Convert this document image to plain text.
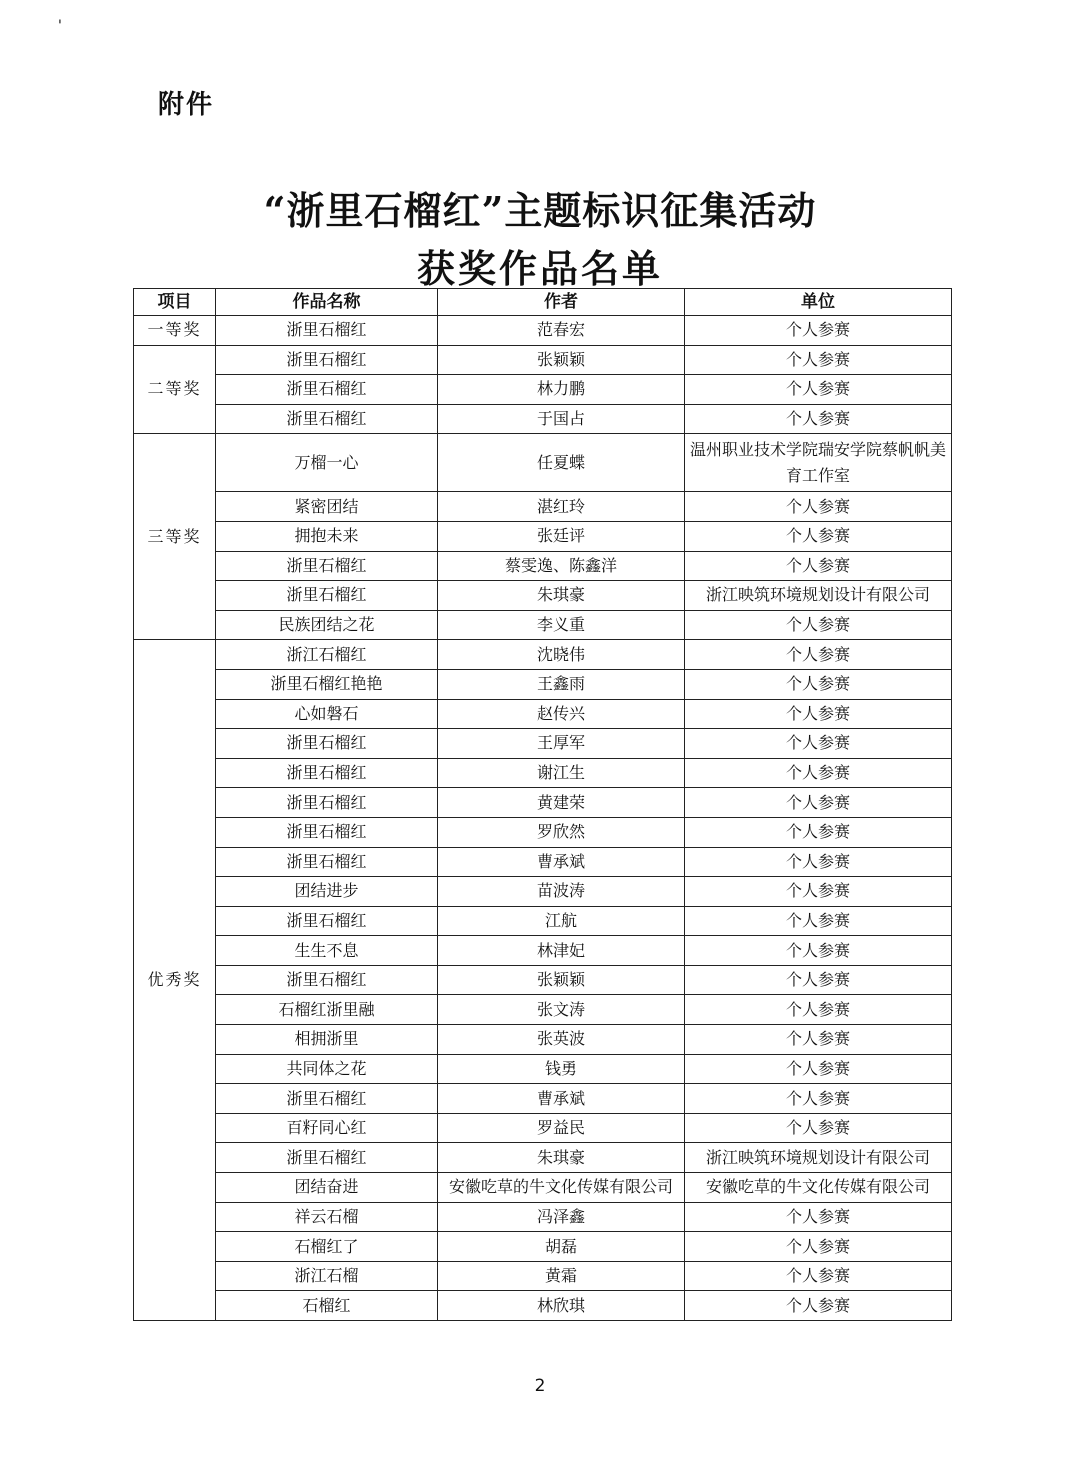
'
附件
“浙里石榴红”主题标识征集活动
获奖作品名单
项目	作品名称	作者	单位
一等奖	浙里石榴红	范春宏	个人参赛
二等奖	浙里石榴红	张颖颖	个人参赛
	浙里石榴红	林力鹏	个人参赛
	浙里石榴红	于国占	个人参赛
三等奖	万榴一心	任夏蝶	温州职业技术学院瑞安学院蔡帆帆美育工作室
	紧密团结	湛红玲	个人参赛
	拥抱未来	张廷评	个人参赛
	浙里石榴红	蔡雯逸、陈鑫洋	个人参赛
	浙里石榴红	朱琪豪	浙江映筑环境规划设计有限公司
	民族团结之花	李义重	个人参赛
优秀奖	浙江石榴红	沈晓伟	个人参赛
	浙里石榴红艳艳	王鑫雨	个人参赛
	心如磐石	赵传兴	个人参赛
	浙里石榴红	王厚军	个人参赛
	浙里石榴红	谢江生	个人参赛
	浙里石榴红	黄建荣	个人参赛
	浙里石榴红	罗欣然	个人参赛
	浙里石榴红	曹承斌	个人参赛
	团结进步	苗波涛	个人参赛
	浙里石榴红	江航	个人参赛
	生生不息	林津妃	个人参赛
	浙里石榴红	张颖颖	个人参赛
	石榴红浙里融	张文涛	个人参赛
	相拥浙里	张英波	个人参赛
	共同体之花	钱勇	个人参赛
	浙里石榴红	曹承斌	个人参赛
	百籽同心红	罗益民	个人参赛
	浙里石榴红	朱琪豪	浙江映筑环境规划设计有限公司
	团结奋进	安徽吃草的牛文化传媒有限公司	安徽吃草的牛文化传媒有限公司
	祥云石榴	冯泽鑫	个人参赛
	石榴红了	胡磊	个人参赛
	浙江石榴	黄霜	个人参赛
	石榴红	林欣琪	个人参赛
2
